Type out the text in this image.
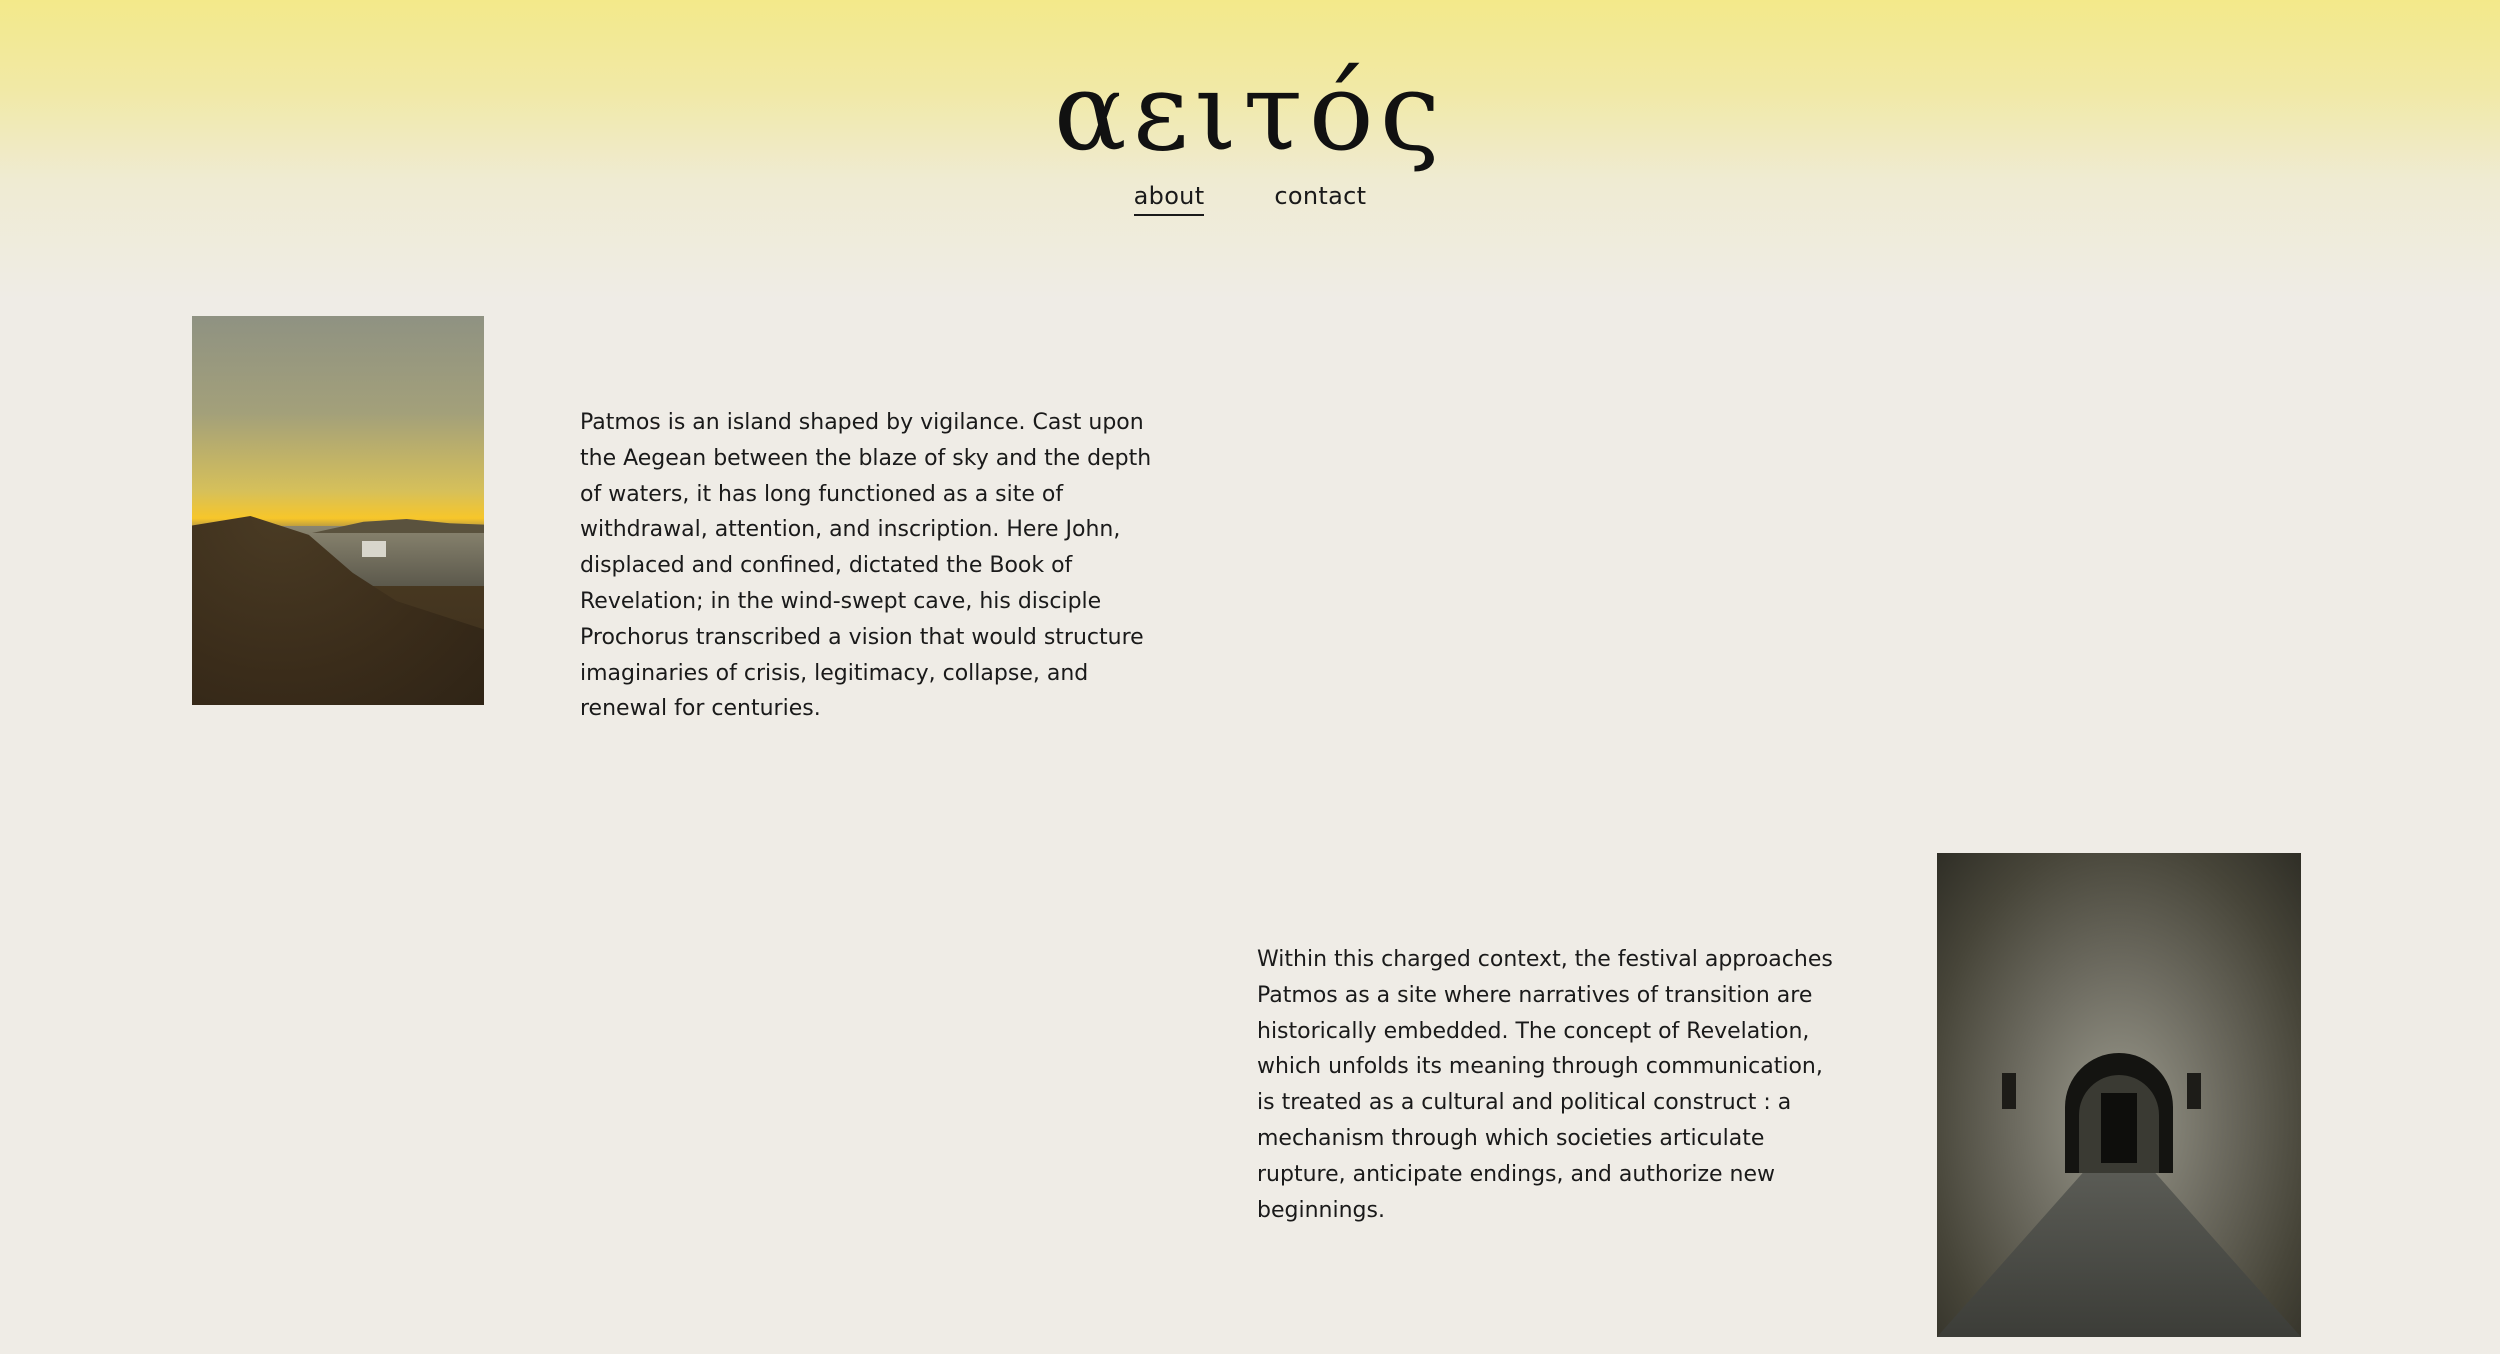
αειτός
about	contact

Patmos is an island shaped by vigilance. Cast upon the Aegean between the blaze of sky and the depth of waters, it has long functioned as a site of withdrawal, attention, and inscription. Here John, displaced and confined, dictated the Book of Revelation; in the wind-swept cave, his disciple Prochorus transcribed a vision that would structure imaginaries of crisis, legitimacy, collapse, and renewal for centuries.

Within this charged context, the festival approaches Patmos as a site where narratives of transition are historically embedded. The concept of Revelation, which unfolds its meaning through communication, is treated as a cultural and political construct : a mechanism through which societies articulate rupture, anticipate endings, and authorize new beginnings.
